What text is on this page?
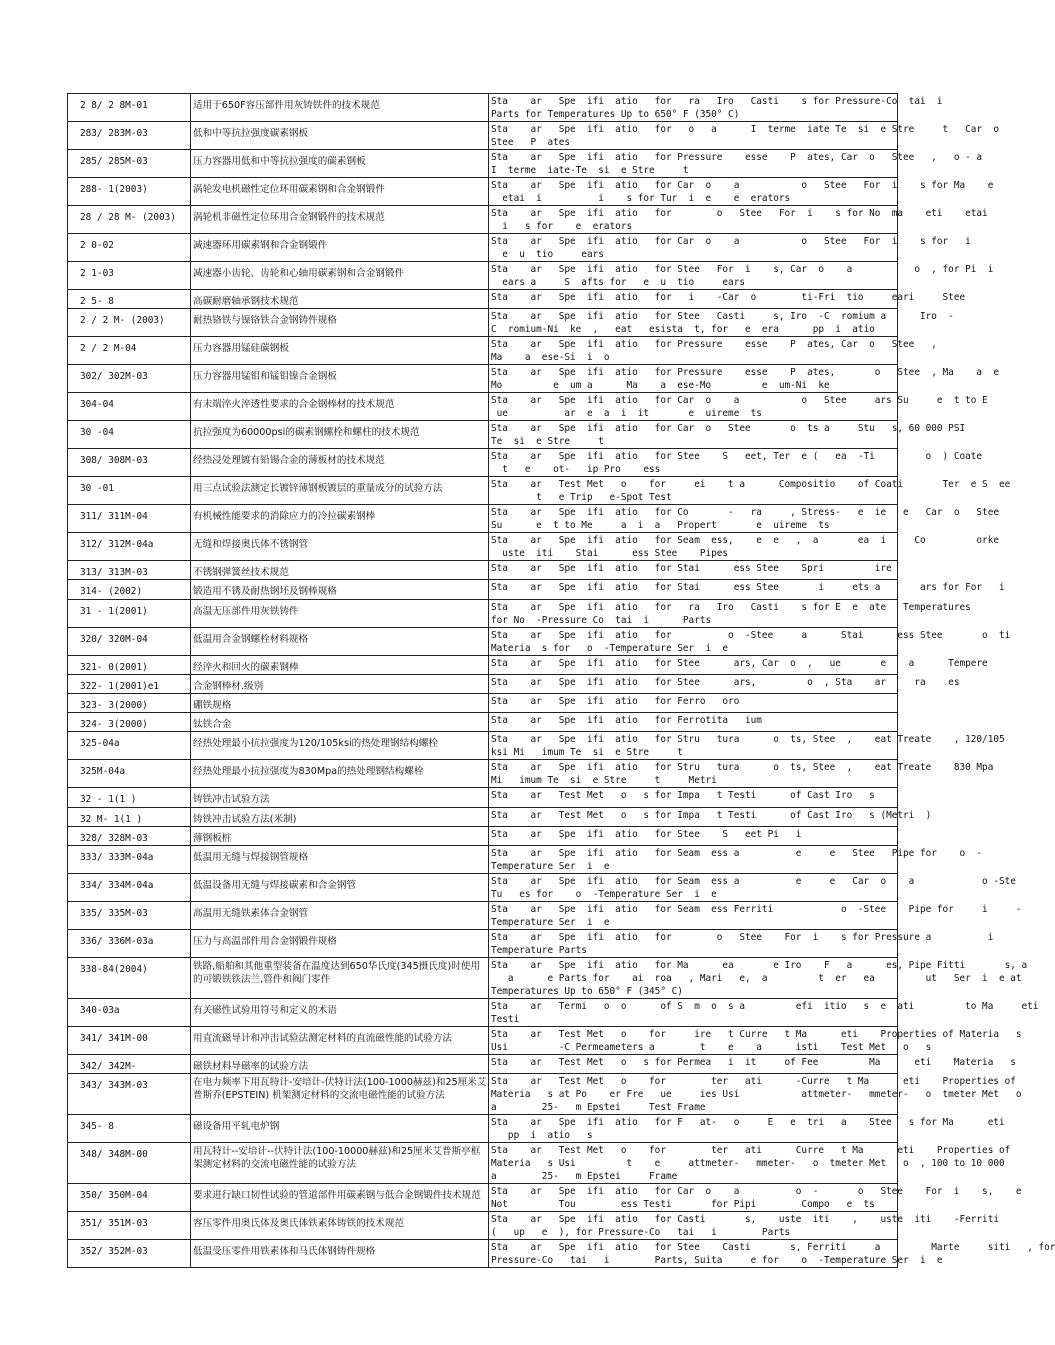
2 8/ 2 8M-01	适用于650F容压部件用灰铸铁件的技术规范	Sta    ar   Spe  ifi  atio   for   ra   Iro   Casti    s for Pressure-Co  tai  i
Parts for Temperatures Up to 650° F (350° C)
283/ 283M-03	低和中等抗拉强度碳素钢板	Sta    ar   Spe  ifi  atio   for   o   a      I  terme  iate Te  si  e Stre     t   Car  o
Stee   P  ates
285/ 285M-03	压力容器用低和中等抗拉强度的碳素钢板	Sta    ar   Spe  ifi  atio   for Pressure    esse    P  ates, Car  o   Stee   ,   o - a
I  terme  iate-Te  si  e Stre     t
288- 1(2003)	涡轮发电机磁性定位环用碳素钢和合金钢锻件	Sta    ar   Spe  ifi  atio   for Car  o    a           o   Stee   For  i    s for Ma    e
etai  i          i    s for Tur  i  e    e  erators
28 / 28 M- (2003)	涡轮机非磁性定位环用合金钢锻件的技术规范	Sta    ar   Spe  ifi  atio   for        o   Stee   For  i    s for No  ma    eti    etai
i   s for    e  erators
2 0-02	减速器环用碳素钢和合金钢锻件	Sta    ar   Spe  ifi  atio   for Car  o    a           o   Stee   For  i    s for   i
e  u  tio     ears
2 1-03	减速器小齿轮、齿轮和心轴用碳素钢和合金钢锻件	Sta    ar   Spe  ifi  atio   for Stee   For  i    s, Car  o    a           o  , for Pi  i
ears a     S  afts for   e  u  tio     ears
2 5- 8	高碳耐磨轴承钢技术规范	Sta    ar   Spe  ifi  atio   for   i    -Car  o        ti-Fri  tio     eari     Stee
2 / 2 M- (2003)	耐热铬铁与镍铬铁合金钢铸件规格	Sta    ar   Spe  ifi  atio   for Stee   Casti     s, Iro  -C  romium a      Iro  -
C  romium-Ni  ke  ,   eat   esista  t, for   e  era      pp  i  atio
2 / 2 M-04	压力容器用锰硅碳钢板	Sta    ar   Spe  ifi  atio   for Pressure    esse    P  ates, Car  o   Stee   ,
Ma    a  ese-Si  i  o
302/ 302M-03	压力容器用锰钼和锰钼镍合金钢板	Sta    ar   Spe  ifi  atio   for Pressure    esse    P  ates,       o   Stee  , Ma    a  e
Mo         e  um a      Ma    a  ese-Mo         e  um-Ni  ke
304-04	有末端淬火淬透性要求的合金钢棒材的技术规范	Sta    ar   Spe  ifi  atio   for Car  o    a           o   Stee     ars Su     e  t to E
ue          ar  e  a  i  it       e  uireme  ts
30 -04	抗拉强度为60000psi的碳素钢螺栓和螺柱的技术规范	Sta    ar   Spe  ifi  atio   for Car  o   Stee       o  ts a     Stu   s, 60 000 PSI
Te  si  e Stre     t
308/ 308M-03	经热浸处理镀有铅锡合金的薄板材的技术规范	Sta    ar   Spe  ifi  atio   for Stee    S   eet, Ter  e (   ea  -Ti         o  ) Coate
t   e    ot-   ip Pro    ess
30 -01	用三点试验法测定长镀锌薄钢板镀层的重量成分的试验方法	Sta    ar   Test Met   o    for     ei    t a      Compositio    of Coati       Ter  e S  ee
t   e Trip   e-Spot Test
311/ 311M-04	有机械性能要求的消除应力的冷拉碳素钢棒	Sta    ar   Spe  ifi  atio   for Co       -   ra     , Stress-   e  ie   e   Car  o   Stee
Su      e  t to Me     a  i  a   Propert       e  uireme  ts
312/ 312M-04a	无缝和焊接奥氏体不锈钢管	Sta    ar   Spe  ifi  atio   for Seam  ess,    e  e   ,  a       ea  i     Co         orke
uste  iti    Stai      ess Stee    Pipes
313/ 313M-03	不锈钢弹簧丝技术规范	Sta    ar   Spe  ifi  atio   for Stai      ess Stee    Spri         ire
314- (2002)	锻造用不锈及耐热钢坯及钢棒规格	Sta    ar   Spe  ifi  atio   for Stai      ess Stee       i     ets a       ars for For   i
31 - 1(2001)	高温无压部件用灰铁铸件	Sta    ar   Spe  ifi  atio   for   ra   Iro   Casti    s for E  e  ate   Temperatures
for No  -Pressure Co  tai  i      Parts
320/ 320M-04	低温用合金钢螺栓材料规格	Sta    ar   Spe  ifi  atio   for          o  -Stee     a      Stai      ess Stee       o  ti
Materia  s for   o  -Temperature Ser  i  e
321- 0(2001)	经淬火和回火的碳素钢棒	Sta    ar   Spe  ifi  atio   for Stee      ars, Car  o  ,   ue       e    a      Tempere
322- 1(2001)e1	合金钢棒材.级别	Sta    ar   Spe  ifi  atio   for Stee      ars,         o  , Sta    ar     ra    es
323- 3(2000)	硼铁规格	Sta    ar   Spe  ifi  atio   for Ferro   oro
324- 3(2000)	钛铁合金	Sta    ar   Spe  ifi  atio   for Ferrotita   ium
325-04a	经热处理最小抗拉强度为120/105ksi的热处理钢结构螺栓	Sta    ar   Spe  ifi  atio   for Stru   tura      o  ts, Stee  ,    eat Treate    , 120/105
ksi Mi   imum Te  si  e Stre     t
325M-04a	经热处理最小抗拉强度为830Mpa的热处理钢结构螺栓	Sta    ar   Spe  ifi  atio   for Stru   tura      o  ts, Stee  ,    eat Treate    830 Mpa
Mi   imum Te  si  e Stre     t     Metri
32 - 1(1 )	铸铁冲击试验方法	Sta    ar   Test Met   o   s for Impa   t Testi      of Cast Iro   s
32 M- 1(1 )	铸铁冲击试验方法(米制)	Sta    ar   Test Met   o   s for Impa   t Testi      of Cast Iro   s (Metri  )
328/ 328M-03	薄钢板桩	Sta    ar   Spe  ifi  atio   for Stee    S   eet Pi   i
333/ 333M-04a	低温用无缝与焊接钢管规格	Sta    ar   Spe  ifi  atio   for Seam  ess a          e     e   Stee   Pipe for    o  -
Temperature Ser  i  e
334/ 334M-04a	低温设备用无缝与焊接碳素和合金钢管	Sta    ar   Spe  ifi  atio   for Seam  ess a          e     e   Car  o    a            o -Ste
Tu   es for    o  -Temperature Ser  i  e
335/ 335M-03	高温用无缝铁素体合金钢管	Sta    ar   Spe  ifi  atio   for Seam  ess Ferriti            o  -Stee    Pipe for     i     -
Temperature Ser  i  e
336/ 336M-03a	压力与高温部件用合金钢锻件规格	Sta    ar   Spe  ifi  atio   for        o   Stee    For  i    s for Pressure a          i
Temperature Parts
338-84(2004)	铁路,船舶和其他重型装备在温度达到650华氏度(345摄氏度)时使用的可锻铁铁法兰,管件和阀门零件	Sta    ar   Spe  ifi  atio   for Ma      ea       e Iro    F   a      es, Pipe Fitti       s, a
a      e Parts for    ai  roa   , Mari   e,  a         t  er   ea         ut   Ser  i  e at
Temperatures Up to 650° F (345° C)
340-03a	有关磁性试验用符号和定义的术语	Sta    ar   Termi   o  o      of S  m  o  s a         efi  itio   s  e  ati         to Ma     eti
Testi
341/ 341M-00	用直流磁导计和冲击试验法测定材料的直流磁性能的试验方法	Sta    ar   Test Met   o    for     ire   t Curre   t Ma      eti    Properties of Materia   s
Usi         -C Permeameters a        t    e    a      isti    Test Met   o   s
342/ 342M-	磁铁材料导磁率的试验方法	Sta    ar   Test Met   o   s for Permea   i  it     of Fee         Ma      eti    Materia   s
343/ 343M-03	在电力频率下用瓦特计-安培计-伏特计法(100-1000赫兹)和25厘米艾普斯乔(EPSTEIN) 机架测定材料的交流电磁性能的试验方法	Sta    ar   Test Met   o    for        ter   ati      -Curre   t Ma      eti    Properties of
Materia   s at Po    er Fre   ue     ies Usi           attmeter-   mmeter-   o  tmeter Met   o
a        25-   m Epstei     Test Frame
345- 8	磁设备用平轧电炉钢	Sta    ar   Spe  ifi  atio   for F   at-   o     E   e  tri   a    Stee   s for Ma      eti
pp  i  atio   s
348/ 348M-00	用瓦特计--安培计--伏特计法(100-10000赫兹)和25厘米艾普斯亭框架测定材料的交流电磁性能的试验方法	Sta    ar   Test Met   o    for        ter   ati      Curre   t Ma      eti    Properties of
Materia   s Usi         t    e     attmeter-   mmeter-   o  tmeter Met   o  , 100 to 10 000
a        25-   m Epstei     Frame
350/ 350M-04	要求进行缺口韧性试验的管道部件用碳素钢与低合金钢锻件技术规范	Sta    ar   Spe  ifi  atio   for Car  o    a          o  -       o   Stee    For  i    s,    e
Not         Tou        ess Testi       for Pipi        Compo   e  ts
351/ 351M-03	容压零件用奥氏体及奥氏体铁素体铸铁的技术规范	Sta    ar   Spe  ifi  atio   for Casti       s,    uste  iti    ,    uste  iti    -Ferriti
(   up   e  ), for Pressure-Co   tai   i        Parts
352/ 352M-03	低温受压零件用铁素体和马氏体钢铸件规格	Sta    ar   Spe  ifi  atio   for Stee    Casti       s, Ferriti     a         Marte     siti   , for
Pressure-Co   tai   i        Parts, Suita     e for    o  -Temperature Ser  i  e
